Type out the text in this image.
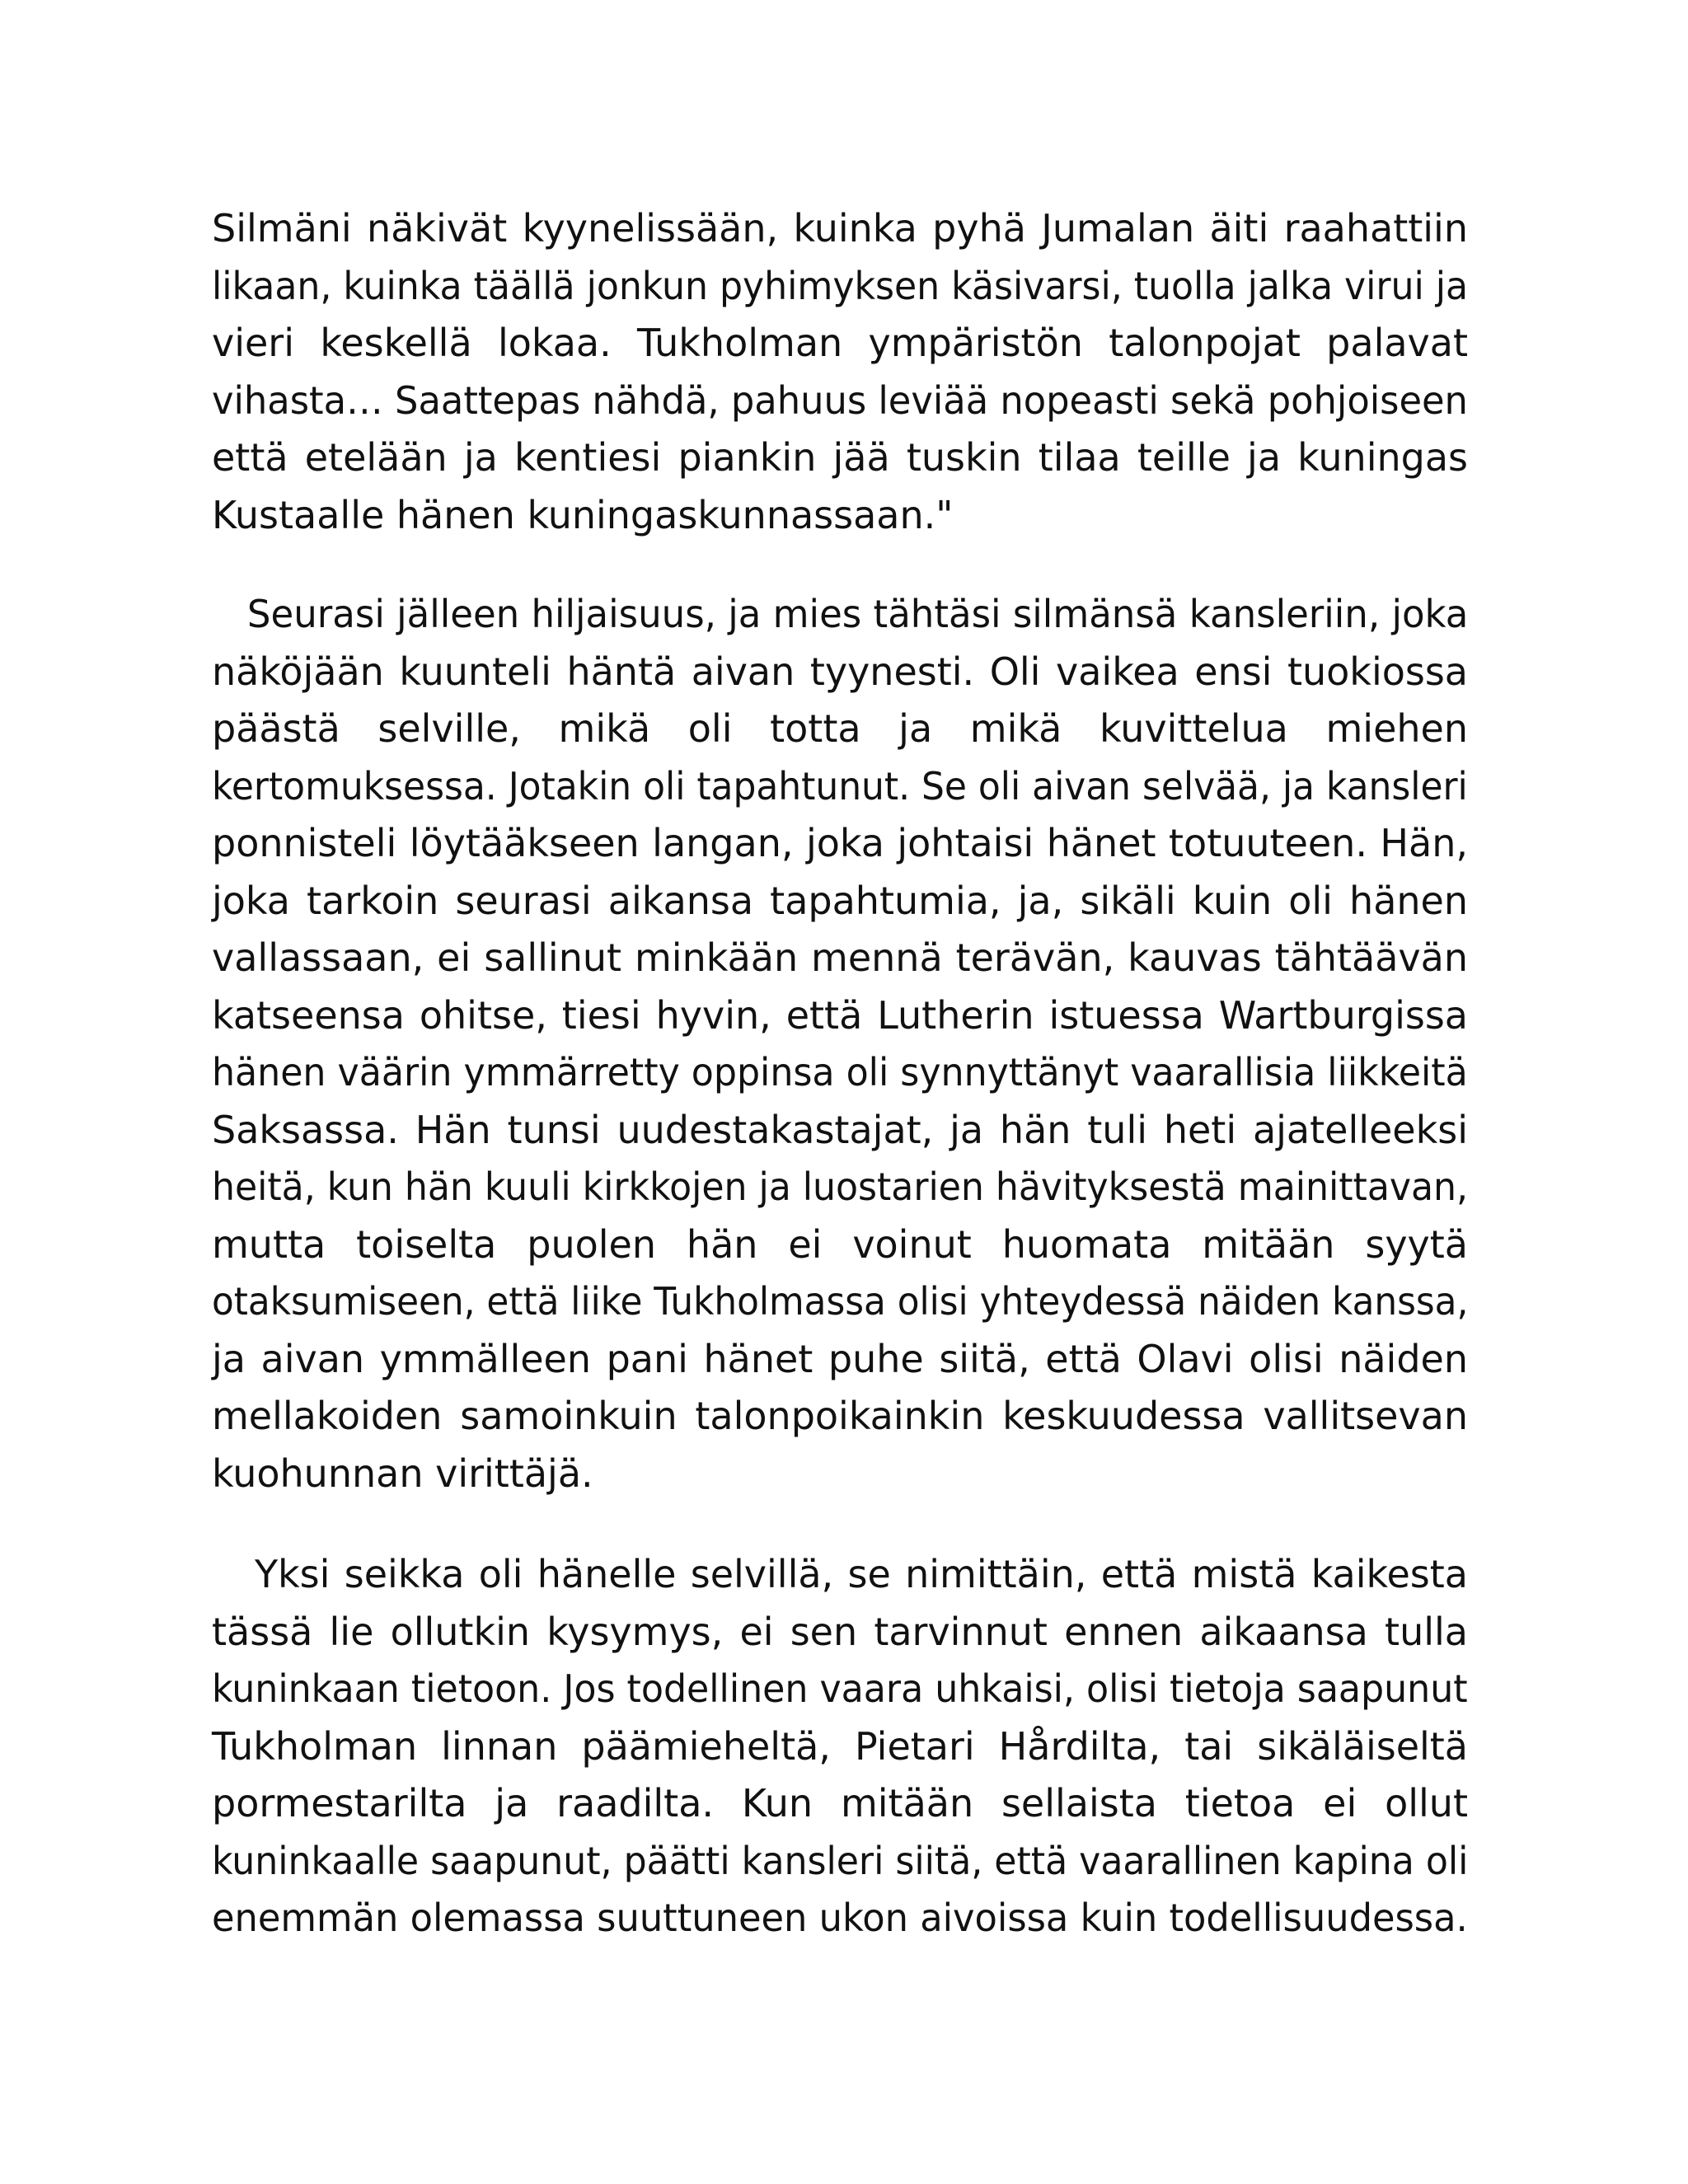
Silmäni näkivät kyynelissään, kuinka pyhä Jumalan äiti raahattiin
likaan, kuinka täällä jonkun pyhimyksen käsivarsi, tuolla jalka virui ja
vieri keskellä lokaa. Tukholman ympäristön talonpojat palavat
vihasta… Saattepas nähdä, pahuus leviää nopeasti sekä pohjoiseen
että etelään ja kentiesi piankin jää tuskin tilaa teille ja kuningas
Kustaalle hänen kuningaskunnassaan."
Seurasi jälleen hiljaisuus, ja mies tähtäsi silmänsä kansleriin, joka
näköjään kuunteli häntä aivan tyynesti. Oli vaikea ensi tuokiossa
päästä selville, mikä oli totta ja mikä kuvittelua miehen
kertomuksessa. Jotakin oli tapahtunut. Se oli aivan selvää, ja kansleri
ponnisteli löytääkseen langan, joka johtaisi hänet totuuteen. Hän,
joka tarkoin seurasi aikansa tapahtumia, ja, sikäli kuin oli hänen
vallassaan, ei sallinut minkään mennä terävän, kauvas tähtäävän
katseensa ohitse, tiesi hyvin, että Lutherin istuessa Wartburgissa
hänen väärin ymmärretty oppinsa oli synnyttänyt vaarallisia liikkeitä
Saksassa. Hän tunsi uudestakastajat, ja hän tuli heti ajatelleeksi
heitä, kun hän kuuli kirkkojen ja luostarien hävityksestä mainittavan,
mutta toiselta puolen hän ei voinut huomata mitään syytä
otaksumiseen, että liike Tukholmassa olisi yhteydessä näiden kanssa,
ja aivan ymmälleen pani hänet puhe siitä, että Olavi olisi näiden
mellakoiden samoinkuin talonpoikainkin keskuudessa vallitsevan
kuohunnan virittäjä.
Yksi seikka oli hänelle selvillä, se nimittäin, että mistä kaikesta
tässä lie ollutkin kysymys, ei sen tarvinnut ennen aikaansa tulla
kuninkaan tietoon. Jos todellinen vaara uhkaisi, olisi tietoja saapunut
Tukholman linnan päämieheltä, Pietari Hårdilta, tai sikäläiseltä
pormestarilta ja raadilta. Kun mitään sellaista tietoa ei ollut
kuninkaalle saapunut, päätti kansleri siitä, että vaarallinen kapina oli
enemmän olemassa suuttuneen ukon aivoissa kuin todellisuudessa.
